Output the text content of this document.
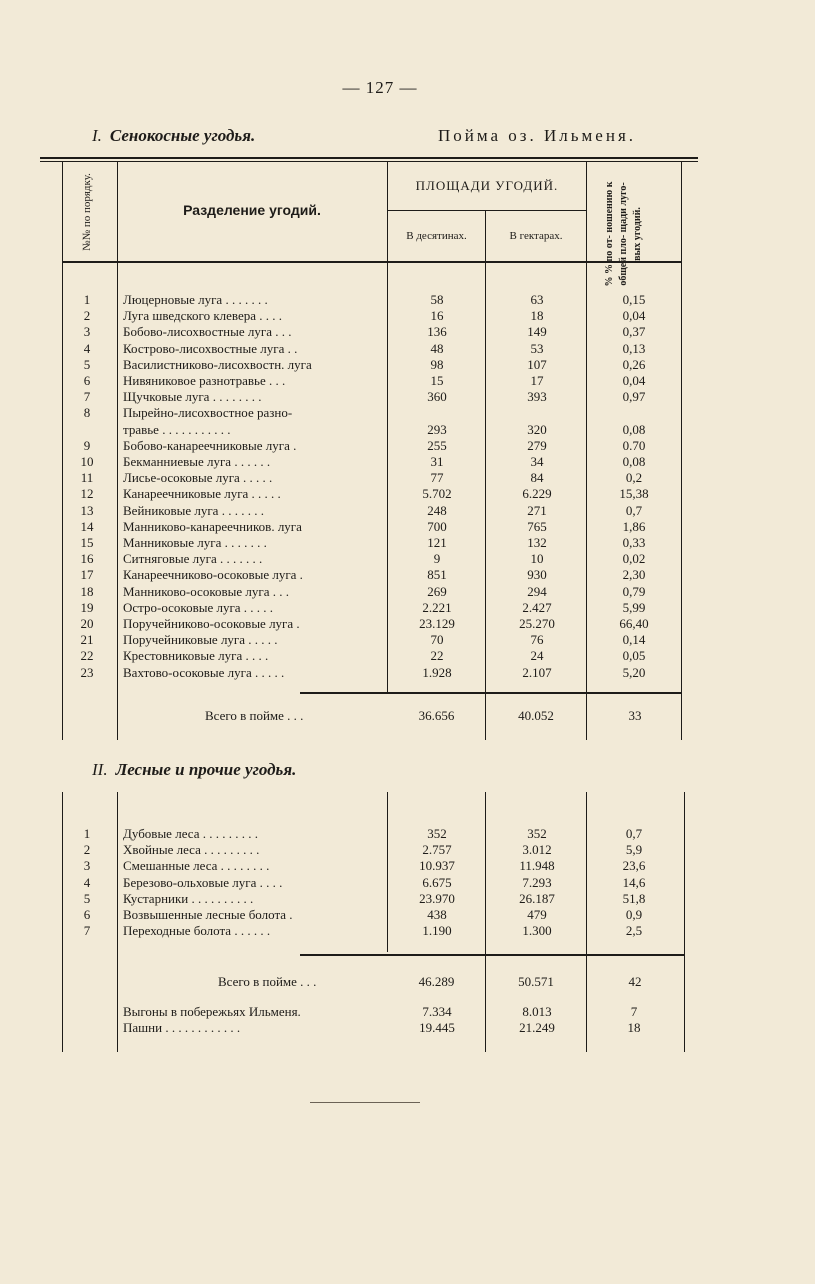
— 127 —
I. Сенокосные угодья.	Пойма оз. Ильменя.
№№ по порядку.	Разделение угодий.
ПЛОЩАДИ УГОДИЙ.
В десятинах.	В гектарах.	% % по от- ношению к общей пло- щади луго- вых угодий.
1	Люцерновые луга . . . . . . .	58	63	0,15
2	Луга шведского клевера . . . .	16	18	0,04
3	Бобово-лисохвостные луга . . .	136	149	0,37
4	Кострово-лисохвостные луга . .	48	53	0,13
5	Василистниково-лисохвостн. луга	98	107	0,26
6	Нивяниковое разнотравье . . .	15	17	0,04
7	Щучковые луга . . . . . . . .	360	393	0,97
8	Пырейно-лисохвостное разно-
травье . . . . . . . . . . .	293	320	0,08
9	Бобово-канареечниковые луга .	255	279	0.70
10	Бекманниевые луга . . . . . .	31	34	0,08
11	Лисье-осоковые луга . . . . .	77	84	0,2
12	Канареечниковые луга . . . . .	5.702	6.229	15,38
13	Вейниковые луга . . . . . . .	248	271	0,7
14	Манниково-канареечников. луга	700	765	1,86
15	Манниковые луга . . . . . . .	121	132	0,33
16	Ситняговые луга . . . . . . .	9	10	0,02
17	Канареечниково-осоковые луга .	851	930	2,30
18	Манниково-осоковые луга . . .	269	294	0,79
19	Остро-осоковые луга . . . . .	2.221	2.427	5,99
20	Поручейниково-осоковые луга .	23.129	25.270	66,40
21	Поручейниковые луга . . . . .	70	76	0,14
22	Крестовниковые луга . . . .	22	24	0,05
23	Вахтово-осоковые луга . . . . .	1.928	2.107	5,20
Всего в пойме . . .	36.656	40.052	33
II. Лесные и прочие угодья.
1	Дубовые леса . . . . . . . . .	352	352	0,7
2	Хвойные леса . . . . . . . . .	2.757	3.012	5,9
3	Смешанные леса . . . . . . . .	10.937	11.948	23,6
4	Березово-ольховые луга . . . .	6.675	7.293	14,6
5	Кустарники . . . . . . . . . .	23.970	26.187	51,8
6	Возвышенные лесные болота .	438	479	0,9
7	Переходные болота . . . . . .	1.190	1.300	2,5
Всего в пойме . . .	46.289	50.571	42
Выгоны в побережьях Ильменя.	7.334	8.013	7
Пашни . . . . . . . . . . . .	19.445	21.249	18
